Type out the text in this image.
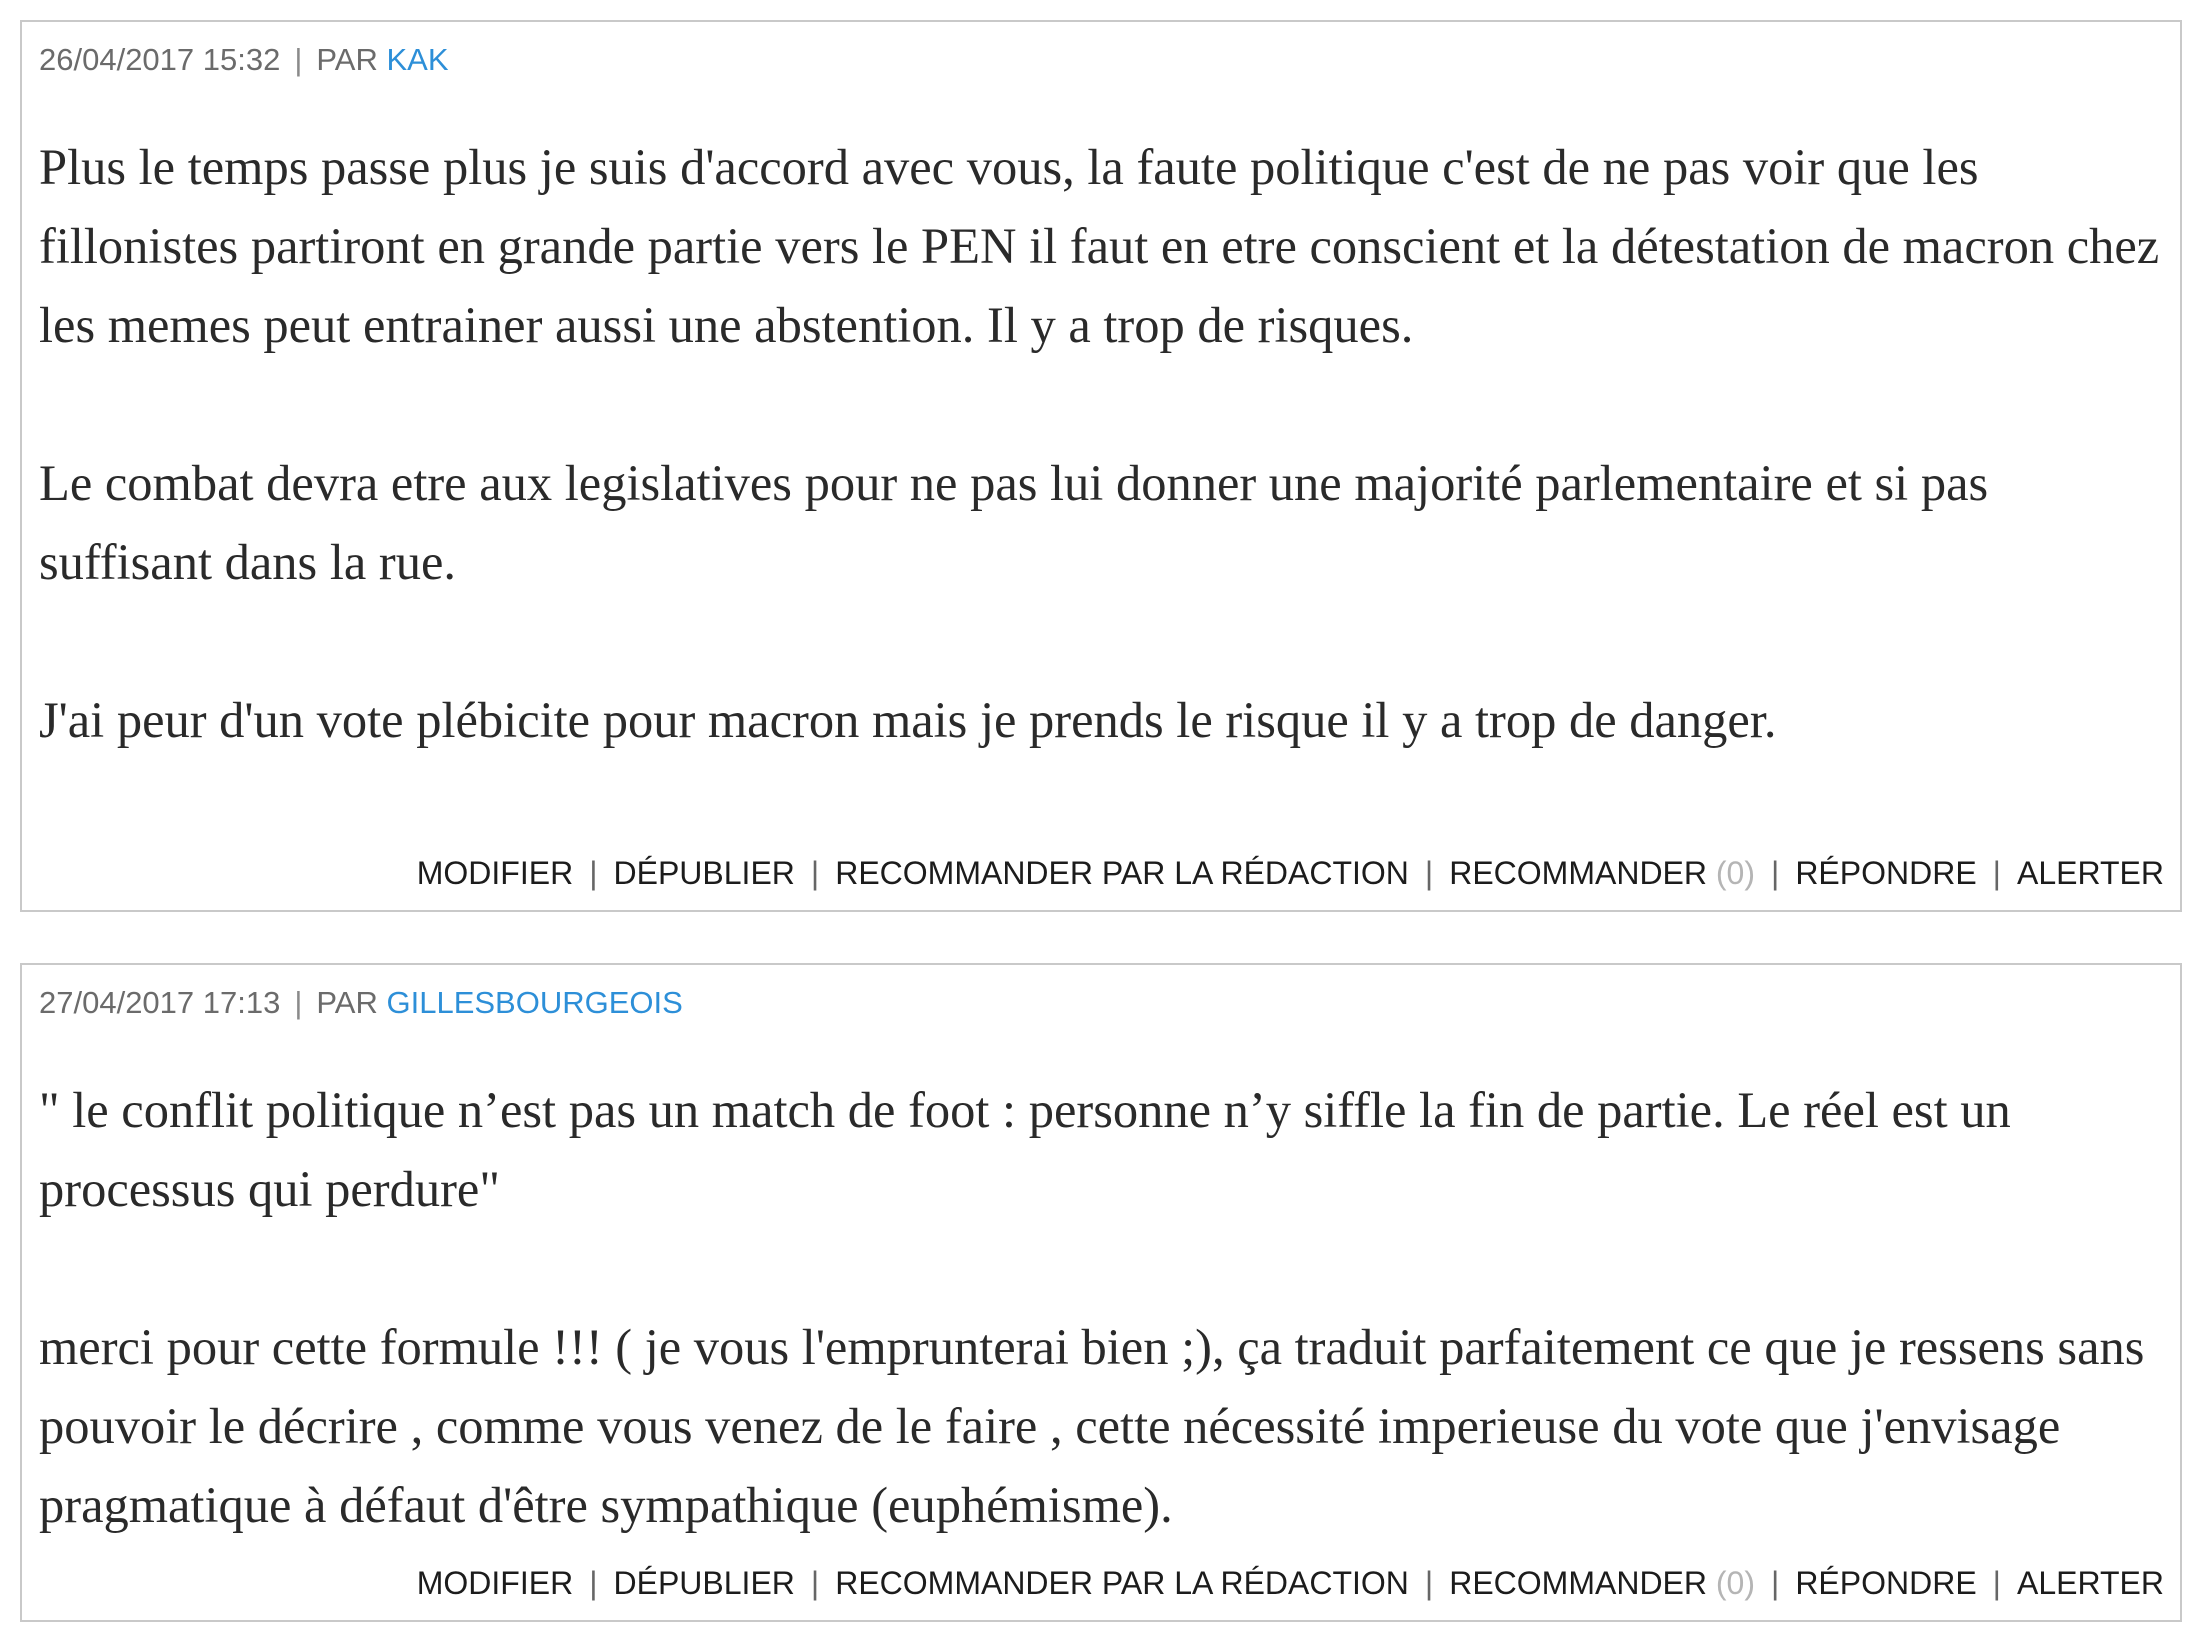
26/04/2017 15:32 | PAR KAK

Plus le temps passe plus je suis d'accord avec vous, la faute politique c'est de ne pas voir que les fillonistes partiront en grande partie vers le PEN il faut en etre conscient et la détestation de macron chez les memes peut entrainer aussi une abstention. Il y a trop de risques.

Le combat devra etre aux legislatives pour ne pas lui donner une majorité parlementaire et si pas suffisant dans la rue.

J'ai peur d'un vote plébicite pour macron mais je prends le risque il y a trop de danger.

MODIFIER | DÉPUBLIER | RECOMMANDER PAR LA RÉDACTION | RECOMMANDER (0) | RÉPONDRE | ALERTER
27/04/2017 17:13 | PAR GILLESBOURGEOIS

" le conflit politique n’est pas un match de foot : personne n’y siffle la fin de partie. Le réel est un processus qui perdure"

merci pour cette formule !!! ( je vous l'emprunterai bien ;), ça traduit parfaitement ce que je ressens sans pouvoir le décrire , comme vous venez de le faire , cette nécessité imperieuse du vote que j'envisage pragmatique à défaut d'être sympathique (euphémisme).

MODIFIER | DÉPUBLIER | RECOMMANDER PAR LA RÉDACTION | RECOMMANDER (0) | RÉPONDRE | ALERTER
